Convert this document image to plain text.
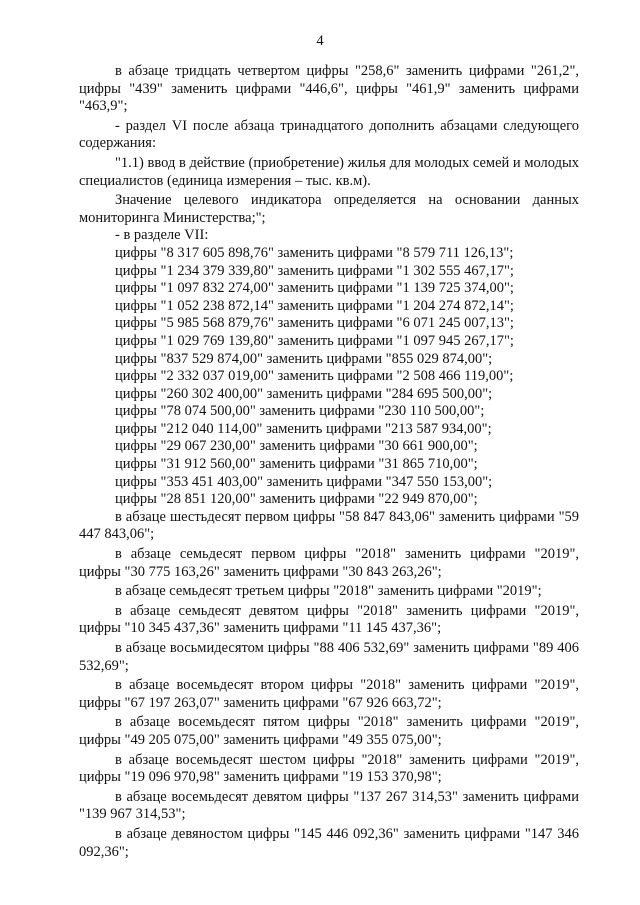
4

в абзаце тридцать четвертом цифры "258,6" заменить цифрами "261,2", цифры "439" заменить цифрами "446,6", цифры "461,9" заменить цифрами "463,9";

- раздел VI после абзаца тринадцатого дополнить абзацами следующего содержания:

"1.1) ввод в действие (приобретение) жилья для молодых семей и молодых специалистов (единица измерения – тыс. кв.м).

Значение целевого индикатора определяется на основании данных мониторинга Министерства;";

- в разделе VII:

цифры "8 317 605 898,76" заменить цифрами "8 579 711 126,13";

цифры "1 234 379 339,80" заменить цифрами "1 302 555 467,17";

цифры "1 097 832 274,00" заменить цифрами "1 139 725 374,00";

цифры "1 052 238 872,14" заменить цифрами "1 204 274 872,14";

цифры "5 985 568 879,76" заменить цифрами "6 071 245 007,13";

цифры "1 029 769 139,80" заменить цифрами "1 097 945 267,17";

цифры "837 529 874,00" заменить цифрами "855 029 874,00";

цифры "2 332 037 019,00" заменить цифрами "2 508 466 119,00";

цифры "260 302 400,00" заменить цифрами "284 695 500,00";

цифры "78 074 500,00" заменить цифрами "230 110 500,00";

цифры "212 040 114,00" заменить цифрами "213 587 934,00";

цифры "29 067 230,00" заменить цифрами "30 661 900,00";

цифры "31 912 560,00" заменить цифрами "31 865 710,00";

цифры "353 451 403,00" заменить цифрами "347 550 153,00";

цифры "28 851 120,00" заменить цифрами "22 949 870,00";

в абзаце шестьдесят первом цифры "58 847 843,06" заменить цифрами "59 447 843,06";

в абзаце семьдесят первом цифры "2018" заменить цифрами "2019", цифры "30 775 163,26" заменить цифрами "30 843 263,26";

в абзаце семьдесят третьем цифры "2018" заменить цифрами "2019";

в абзаце семьдесят девятом цифры "2018" заменить цифрами "2019", цифры "10 345 437,36" заменить цифрами "11 145 437,36";

в абзаце восьмидесятом цифры "88 406 532,69" заменить цифрами "89 406 532,69";

в абзаце восемьдесят втором цифры "2018" заменить цифрами "2019", цифры "67 197 263,07" заменить цифрами "67 926 663,72";

в абзаце восемьдесят пятом цифры "2018" заменить цифрами "2019", цифры "49 205 075,00" заменить цифрами "49 355 075,00";

в абзаце восемьдесят шестом цифры "2018" заменить цифрами "2019", цифры "19 096 970,98" заменить цифрами "19 153 370,98";

в абзаце восемьдесят девятом цифры "137 267 314,53" заменить цифрами "139 967 314,53";

в абзаце девяностом цифры "145 446 092,36" заменить цифрами "147 346 092,36";
